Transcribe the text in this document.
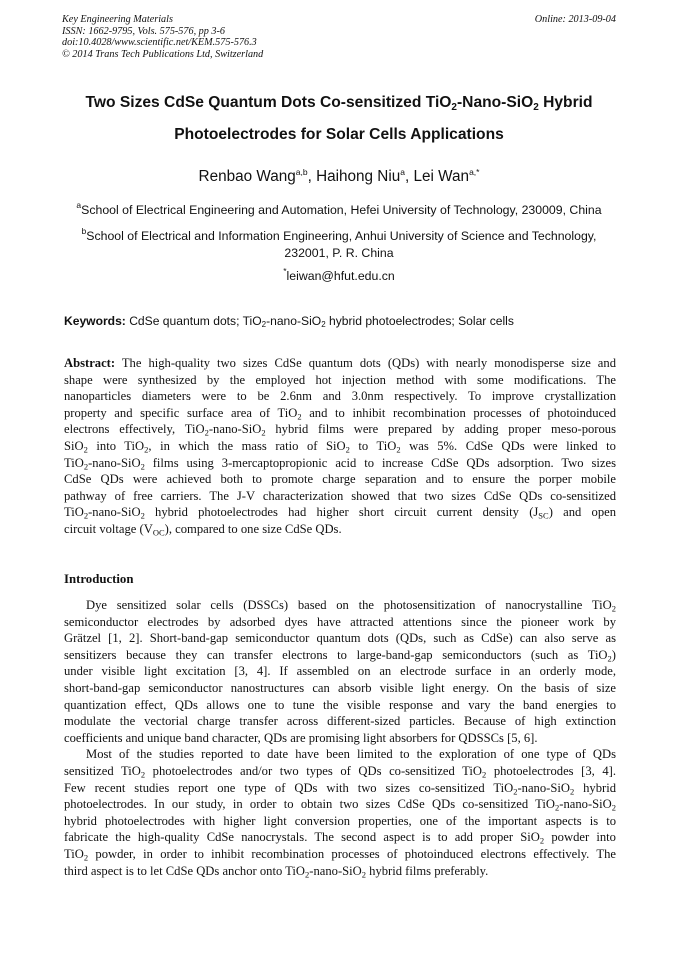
Key Engineering Materials
ISSN: 1662-9795, Vols. 575-576, pp 3-6
doi:10.4028/www.scientific.net/KEM.575-576.3
© 2014 Trans Tech Publications Ltd, Switzerland
Online: 2013-09-04
Two Sizes CdSe Quantum Dots Co-sensitized TiO$_2$-Nano-SiO$_2$ Hybrid
Photoelectrodes for Solar Cells Applications
Renbao Wang$^{a,b}$, Haihong Niu$^a$, Lei Wan$^{a,*}$
$^a$School of Electrical Engineering and Automation, Hefei University of Technology, 230009, China
$^b$School of Electrical and Information Engineering, Anhui University of Science and Technology,
232001, P. R. China
*leiwan@hfut.edu.cn
Keywords: CdSe quantum dots; TiO$_2$-nano-SiO$_2$ hybrid photoelectrodes; Solar cells
Abstract: The high-quality two sizes CdSe quantum dots (QDs) with nearly monodisperse size and
shape were synthesized by the employed hot injection method with some modifications. The
nanoparticles diameters were to be 2.6nm and 3.0nm respectively. To improve crystallization
property and specific surface area of TiO$_2$ and to inhibit recombination processes of photoinduced
electrons effectively, TiO$_2$-nano-SiO$_2$ hybrid films were prepared by adding proper meso-porous
SiO$_2$ into TiO$_2$, in which the mass ratio of SiO$_2$ to TiO$_2$ was 5%. CdSe QDs were linked to
TiO$_2$-nano-SiO$_2$ films using 3-mercaptopropionic acid to increase CdSe QDs adsorption. Two sizes
CdSe QDs were achieved both to promote charge separation and to ensure the porper mobile
pathway of free carriers. The J-V characterization showed that two sizes CdSe QDs co-sensitized
TiO$_2$-nano-SiO$_2$ hybrid photoelectrodes had higher short circuit current density $(J_{SC})$ and open
circuit voltage $(V_{OC})$, compared to one size CdSe QDs.
Introduction
Dye sensitized solar cells (DSSCs) based on the photosensitization of nanocrystalline TiO$_2$
semiconductor electrodes by adsorbed dyes have attracted attentions since the pioneer work by
Grätzel [1, 2]. Short-band-gap semiconductor quantum dots (QDs, such as CdSe) can also serve as
sensitizers because they can transfer electrons to large-band-gap semiconductors (such as TiO$_2$)
under visible light excitation [3, 4]. If assembled on an electrode surface in an orderly mode,
short-band-gap semiconductor nanostructures can absorb visible light energy. On the basis of size
quantization effect, QDs allows one to tune the visible response and vary the band energies to
modulate the vectorial charge transfer across different-sized particles. Because of high extinction
coefficients and unique band character, QDs are promising light absorbers for QDSSCs [5, 6].
Most of the studies reported to date have been limited to the exploration of one type of QDs
sensitized TiO$_2$ photoelectrodes and/or two types of QDs co-sensitized TiO$_2$ photoelectrodes [3, 4].
Few recent studies report one type of QDs with two sizes co-sensitized TiO$_2$-nano-SiO$_2$ hybrid
photoelectrodes. In our study, in order to obtain two sizes CdSe QDs co-sensitized TiO$_2$-nano-SiO$_2$
hybrid photoelectrodes with higher light conversion properties, one of the important aspects is to
fabricate the high-quality CdSe nanocrystals. The second aspect is to add proper SiO$_2$ powder into
TiO$_2$ powder, in order to inhibit recombination processes of photoinduced electrons effectively. The
third aspect is to let CdSe QDs anchor onto TiO$_2$-nano-SiO$_2$ hybrid films preferably.
